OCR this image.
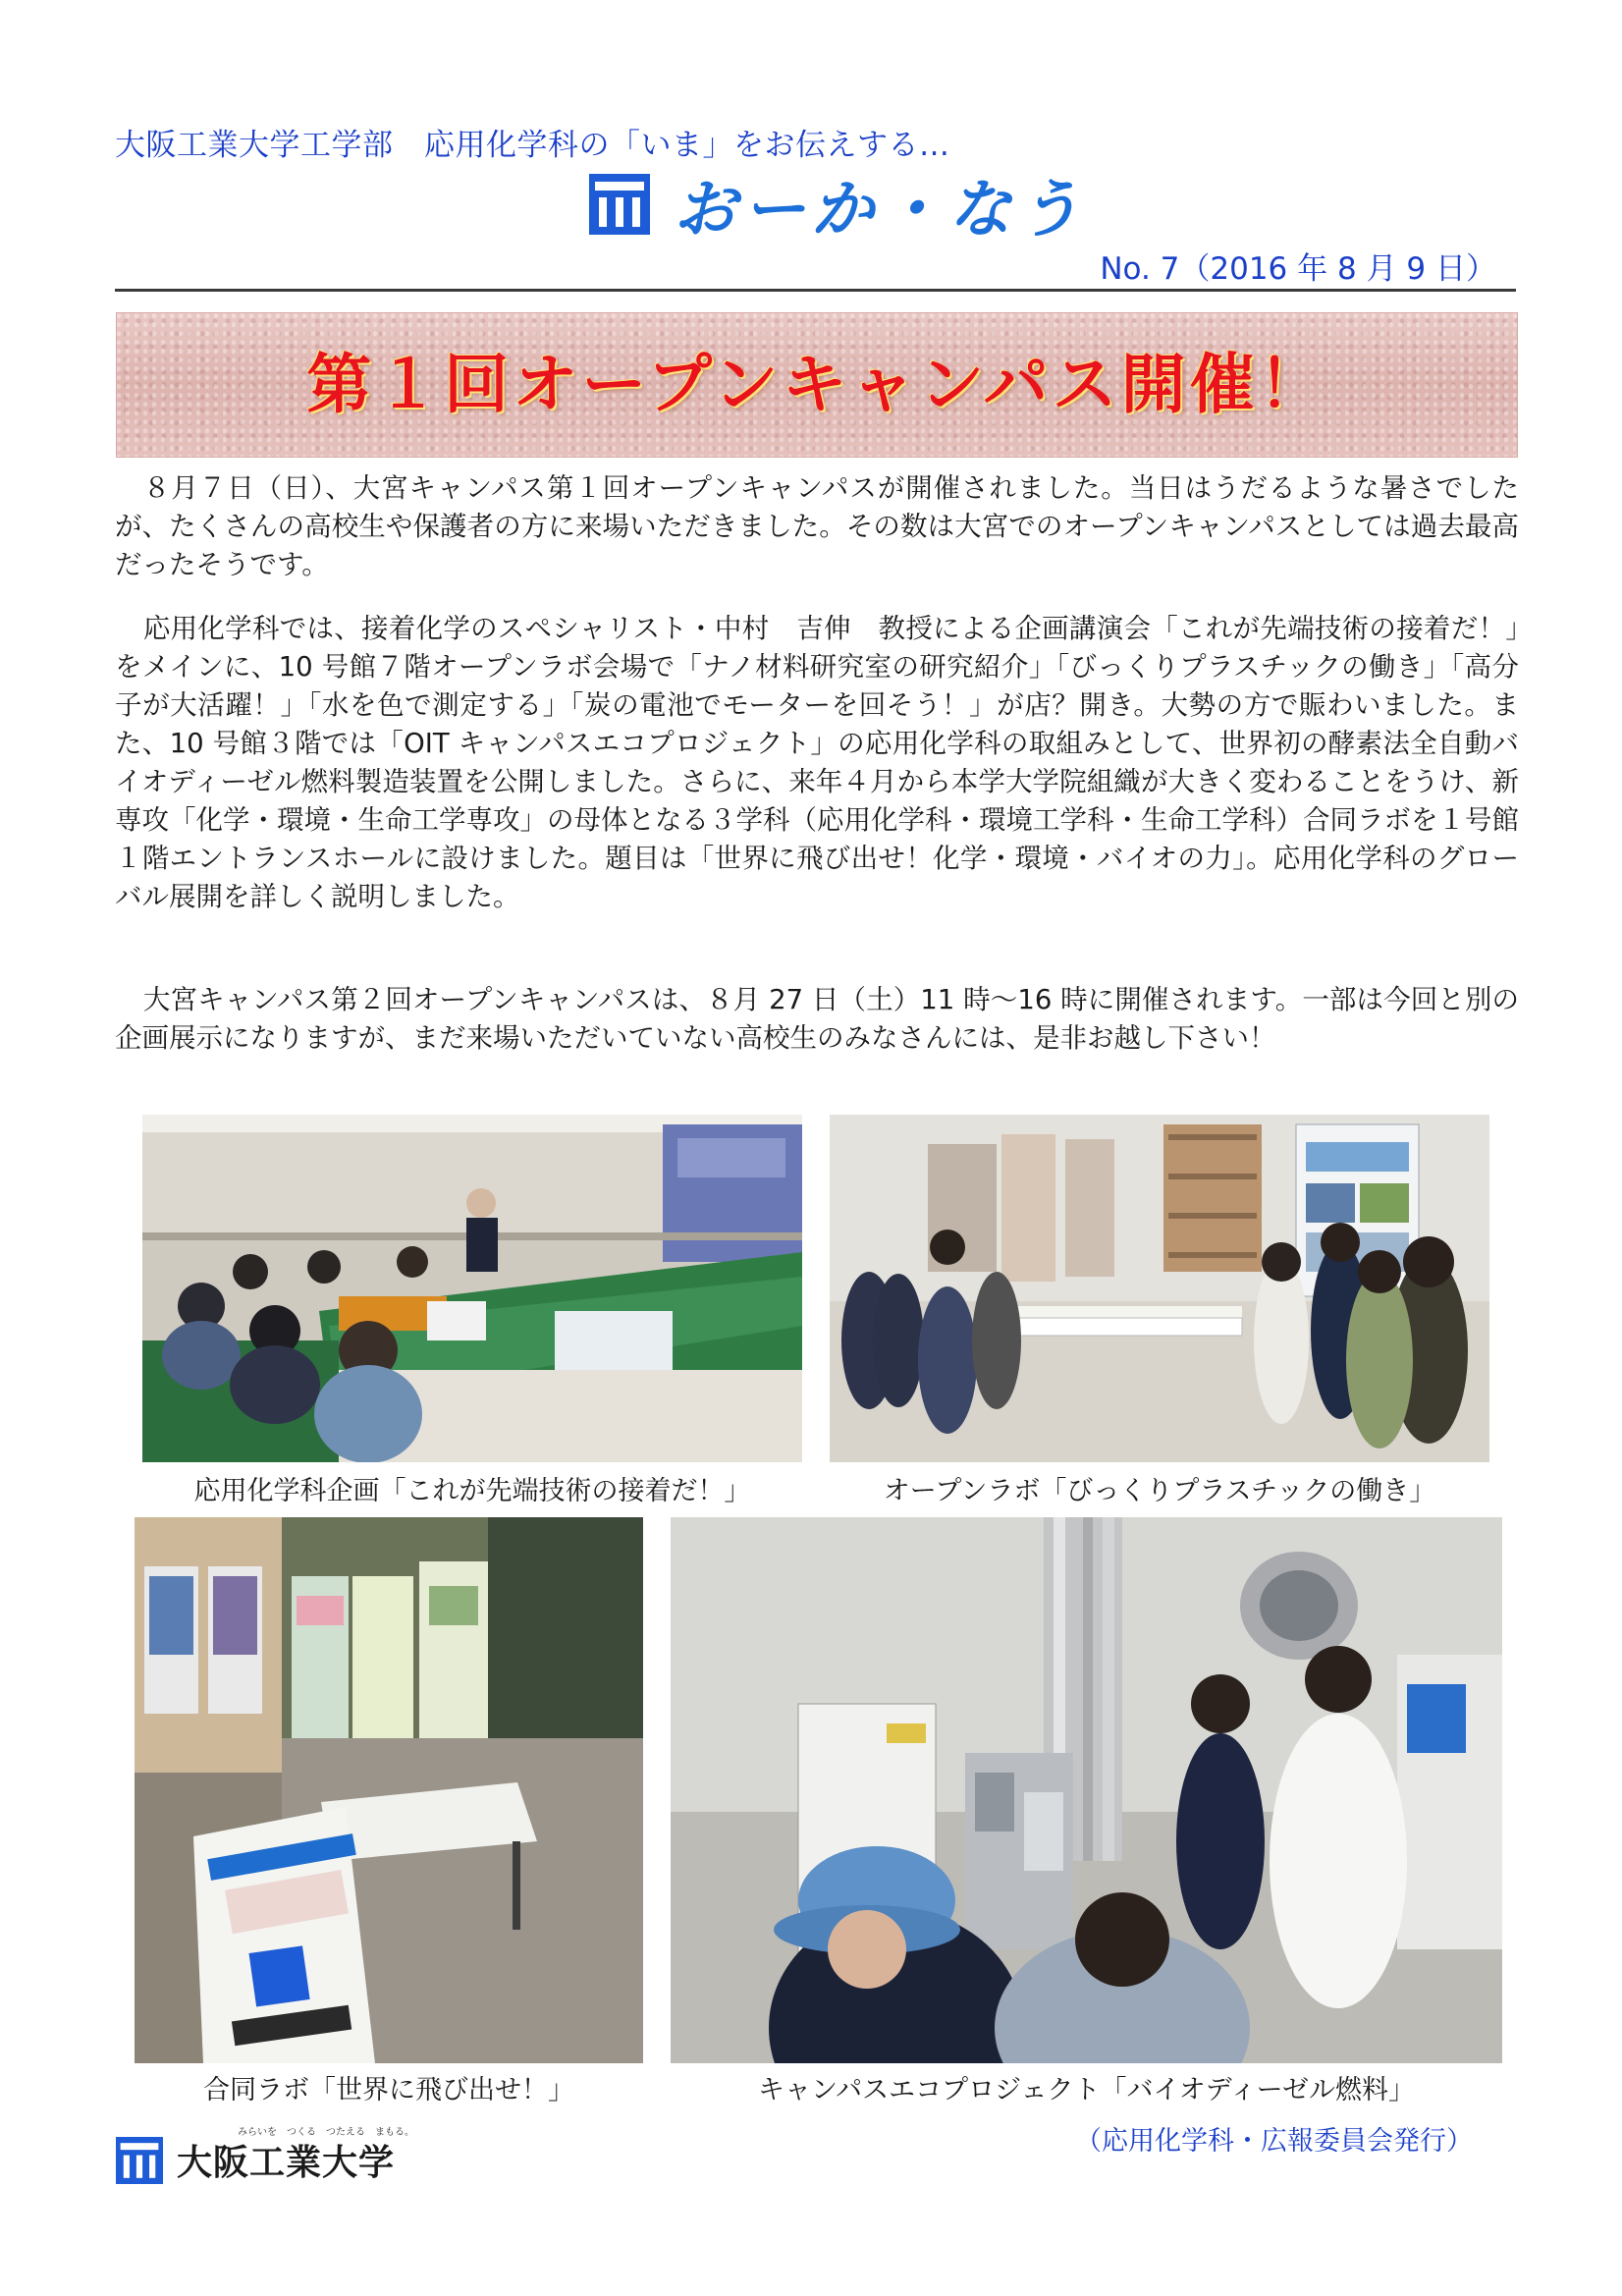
大阪工業大学工学部　応用化学科の「いま」をお伝えする…
おーか・なう
No. 7（2016 年 8 月 9 日）
第１回オープンキャンパス開催！

８月７日（日）、大宮キャンパス第１回オープンキャンパスが開催されました。当日はうだるような暑さでしたが、たくさんの高校生や保護者の方に来場いただきました。その数は大宮でのオープンキャンパスとしては過去最高だったそうです。

応用化学科では、接着化学のスペシャリスト・中村　吉伸　教授による企画講演会「これが先端技術の接着だ！」をメインに、10 号館７階オープンラボ会場で「ナノ材料研究室の研究紹介」「びっくりプラスチックの働き」「高分子が大活躍！」「水を色で測定する」「炭の電池でモーターを回そう！」が店？開き。大勢の方で賑わいました。また、10 号館３階では「OIT キャンパスエコプロジェクト」の応用化学科の取組みとして、世界初の酵素法全自動バイオディーゼル燃料製造装置を公開しました。さらに、来年４月から本学大学院組織が大きく変わることをうけ、新専攻「化学・環境・生命工学専攻」の母体となる３学科（応用化学科・環境工学科・生命工学科）合同ラボを１号館１階エントランスホールに設けました。題目は「世界に飛び出せ！化学・環境・バイオの力」。応用化学科のグローバル展開を詳しく説明しました。

大宮キャンパス第２回オープンキャンパスは、８月 27 日（土）11 時～16 時に開催されます。一部は今回と別の企画展示になりますが、まだ来場いただいていない高校生のみなさんには、是非お越し下さい！

応用化学科企画「これが先端技術の接着だ！」	オープンラボ「びっくりプラスチックの働き」
合同ラボ「世界に飛び出せ！」	キャンパスエコプロジェクト「バイオディーゼル燃料」
みらいを　つくる　つたえる　まもる。
大阪工業大学
（応用化学科・広報委員会発行）
